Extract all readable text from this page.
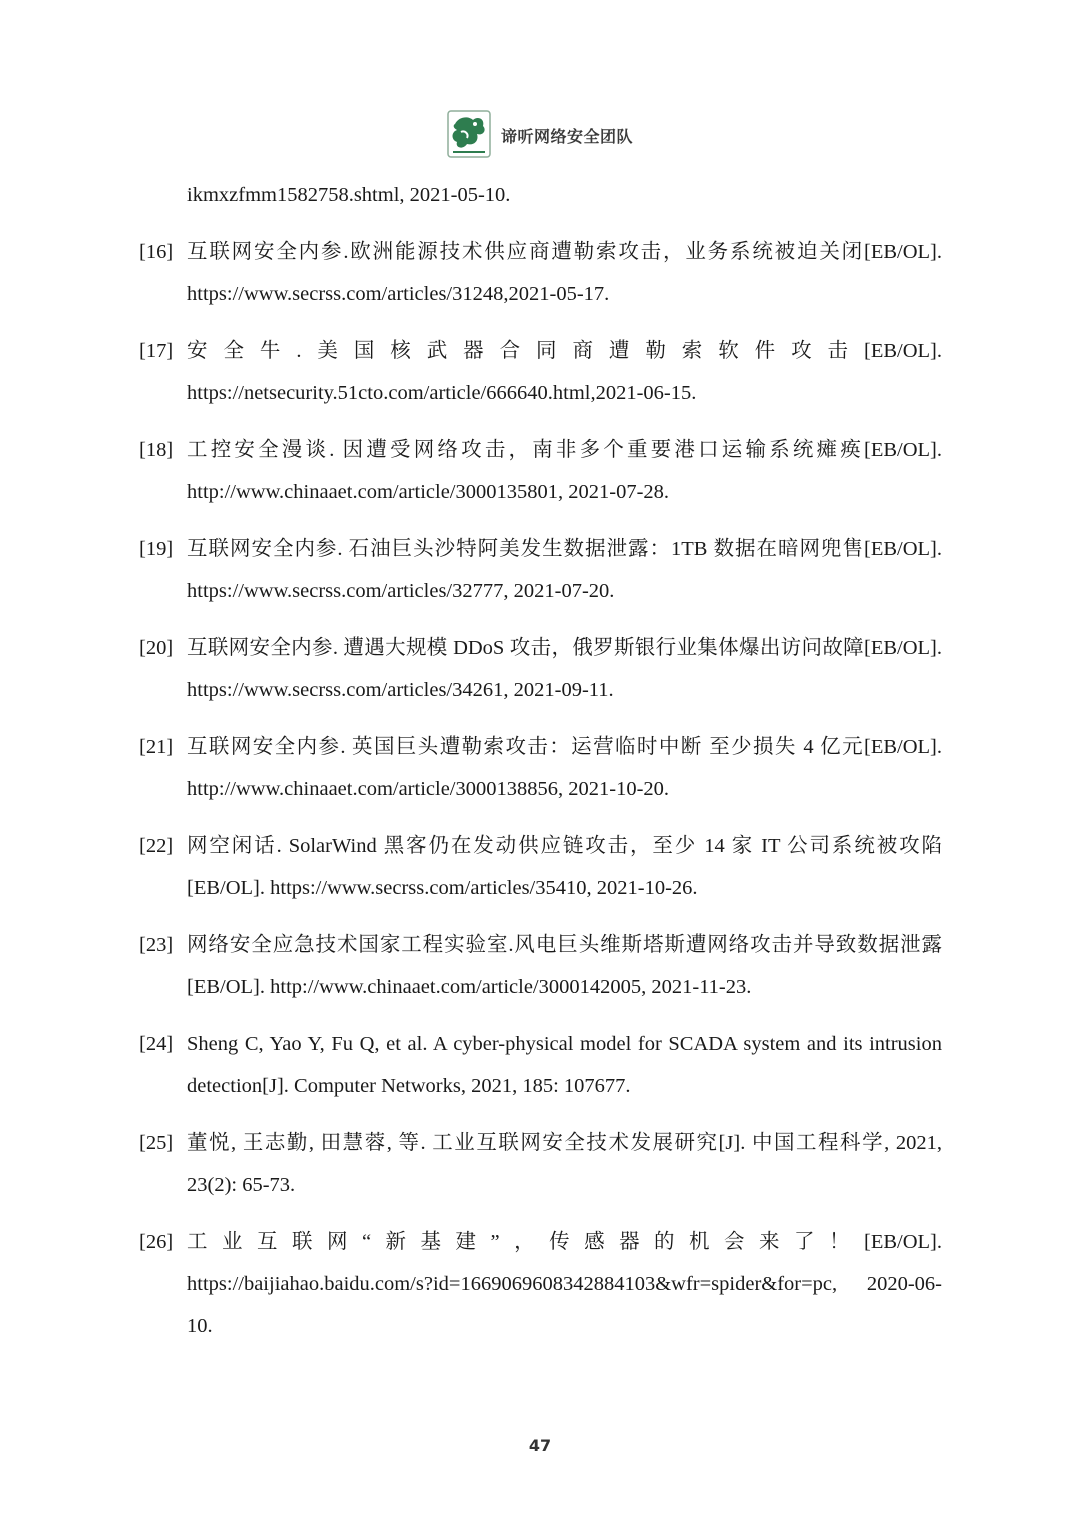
谛听网络安全团队
ikmxzfmm1582758.shtml, 2021-05-10.
[16] 互联网安全内参.欧洲能源技术供应商遭勒索攻击，业务系统被迫关闭[EB/OL]. https://www.secrss.com/articles/31248,2021-05-17.
[17] 安全牛.美国核武器合同商遭勒索软件攻击[EB/OL].
https://netsecurity.51cto.com/article/666640.html,2021-06-15.
[18] 工控安全漫谈. 因遭受网络攻击，南非多个重要港口运输系统瘫痪[EB/OL]. http://www.chinaaet.com/article/3000135801, 2021-07-28.
[19] 互联网安全内参. 石油巨头沙特阿美发生数据泄露：1TB 数据在暗网兜售[EB/OL]. https://www.secrss.com/articles/32777, 2021-07-20.
[20] 互联网安全内参. 遭遇大规模 DDoS 攻击，俄罗斯银行业集体爆出访问故障[EB/OL]. https://www.secrss.com/articles/34261, 2021-09-11.
[21] 互联网安全内参. 英国巨头遭勒索攻击：运营临时中断 至少损失 4 亿元[EB/OL]. http://www.chinaaet.com/article/3000138856, 2021-10-20.
[22] 网空闲话. SolarWind 黑客仍在发动供应链攻击，至少 14 家 IT 公司系统被攻陷[EB/OL]. https://www.secrss.com/articles/35410, 2021-10-26.
[23] 网络安全应急技术国家工程实验室.风电巨头维斯塔斯遭网络攻击并导致数据泄露[EB/OL]. http://www.chinaaet.com/article/3000142005, 2021-11-23.
[24] Sheng C, Yao Y, Fu Q, et al. A cyber-physical model for SCADA system and its intrusion detection[J]. Computer Networks, 2021, 185: 107677.
[25] 董悦, 王志勤, 田慧蓉, 等. 工业互联网安全技术发展研究[J]. 中国工程科学, 2021, 23(2): 65-73.
[26] 工业互联网“新基建”，传感器的机会来了！[EB/OL].
https://baijiahao.baidu.com/s?id=1669069608342884103&wfr=spider&for=pc, 2020-06-10.
47
